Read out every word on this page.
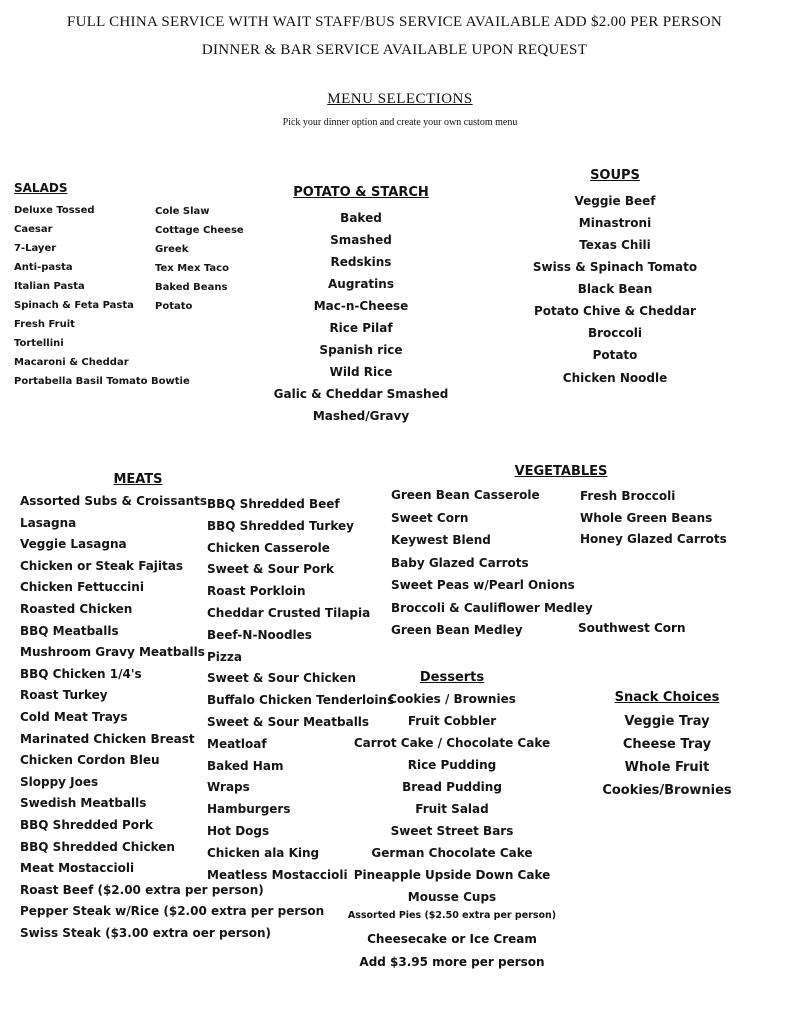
FULL CHINA SERVICE WITH WAIT STAFF/BUS SERVICE AVAILABLE ADD $2.00 PER PERSON
DINNER & BAR SERVICE AVAILABLE UPON REQUEST
MENU SELECTIONS
Pick your dinner option and create your own custom menu
SALADS
Deluxe Tossed
Caesar
7-Layer
Anti-pasta
Italian Pasta
Spinach & Feta Pasta
Fresh Fruit
Tortellini
Macaroni & Cheddar
Portabella Basil Tomato Bowtie
Cole Slaw
Cottage Cheese
Greek
Tex Mex Taco
Baked Beans
Potato
POTATO & STARCH
Baked
Smashed
Redskins
Augratins
Mac-n-Cheese
Rice Pilaf
Spanish rice
Wild Rice
Galic & Cheddar Smashed
Mashed/Gravy
SOUPS
Veggie Beef
Minastroni
Texas Chili
Swiss & Spinach Tomato
Black Bean
Potato Chive & Cheddar
Broccoli
Potato
Chicken Noodle
MEATS
Assorted Subs & Croissants
Lasagna
Veggie Lasagna
Chicken or Steak Fajitas
Chicken Fettuccini
Roasted Chicken
BBQ Meatballs
Mushroom Gravy Meatballs
BBQ Chicken 1/4's
Roast Turkey
Cold Meat Trays
Marinated Chicken Breast
Chicken Cordon Bleu
Sloppy Joes
Swedish Meatballs
BBQ Shredded Pork
BBQ Shredded Chicken
Meat Mostaccioli
Roast Beef ($2.00 extra per person)
Pepper Steak w/Rice ($2.00 extra per person
Swiss Steak ($3.00 extra oer person)
BBQ Shredded Beef
BBQ Shredded Turkey
Chicken Casserole
Sweet & Sour Pork
Roast Porkloin
Cheddar Crusted Tilapia
Beef-N-Noodles
Pizza
Sweet & Sour Chicken
Buffalo Chicken Tenderloins
Sweet & Sour Meatballs
Meatloaf
Baked Ham
Wraps
Hamburgers
Hot Dogs
Chicken ala King
Meatless Mostaccioli
VEGETABLES
Green Bean Casserole
Sweet Corn
Keywest Blend
Baby Glazed Carrots
Sweet Peas w/Pearl Onions
Broccoli & Cauliflower Medley
Green Bean Medley
Fresh Broccoli
Whole Green Beans
Honey Glazed Carrots
Southwest Corn
Desserts
Cookies / Brownies
Fruit Cobbler
Carrot Cake / Chocolate Cake
Rice Pudding
Bread Pudding
Fruit Salad
Sweet Street Bars
German Chocolate Cake
Pineapple Upside Down Cake
Mousse Cups
Assorted Pies ($2.50 extra per person)
Cheesecake or Ice Cream
Add $3.95 more per person
Snack Choices
Veggie Tray
Cheese Tray
Whole Fruit
Cookies/Brownies
